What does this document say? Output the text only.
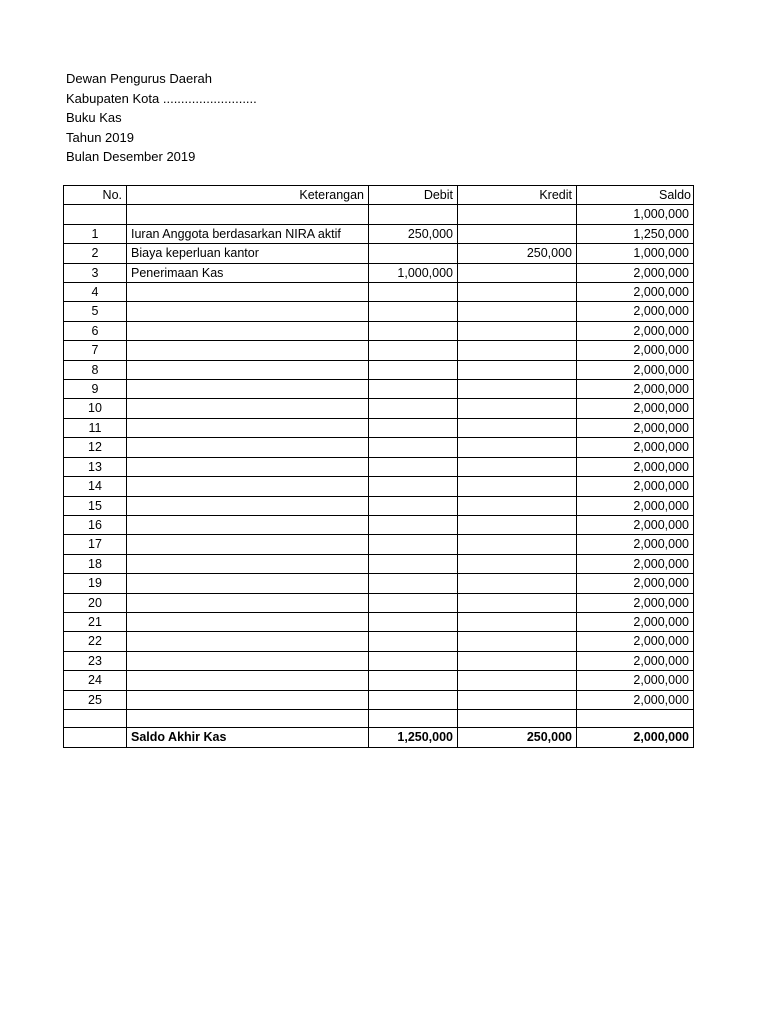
Dewan Pengurus Daerah
Kabupaten Kota ..........................
Buku Kas
Tahun 2019
Bulan Desember 2019
No.	Keterangan	Debit	Kredit	Saldo
				1,000,000
1	Iuran Anggota berdasarkan NIRA aktif	250,000		1,250,000
2	Biaya keperluan kantor		250,000	1,000,000
3	Penerimaan Kas	1,000,000		2,000,000
4				2,000,000
5				2,000,000
6				2,000,000
7				2,000,000
8				2,000,000
9				2,000,000
10				2,000,000
11				2,000,000
12				2,000,000
13				2,000,000
14				2,000,000
15				2,000,000
16				2,000,000
17				2,000,000
18				2,000,000
19				2,000,000
20				2,000,000
21				2,000,000
22				2,000,000
23				2,000,000
24				2,000,000
25				2,000,000

	Saldo Akhir Kas	1,250,000	250,000	2,000,000
